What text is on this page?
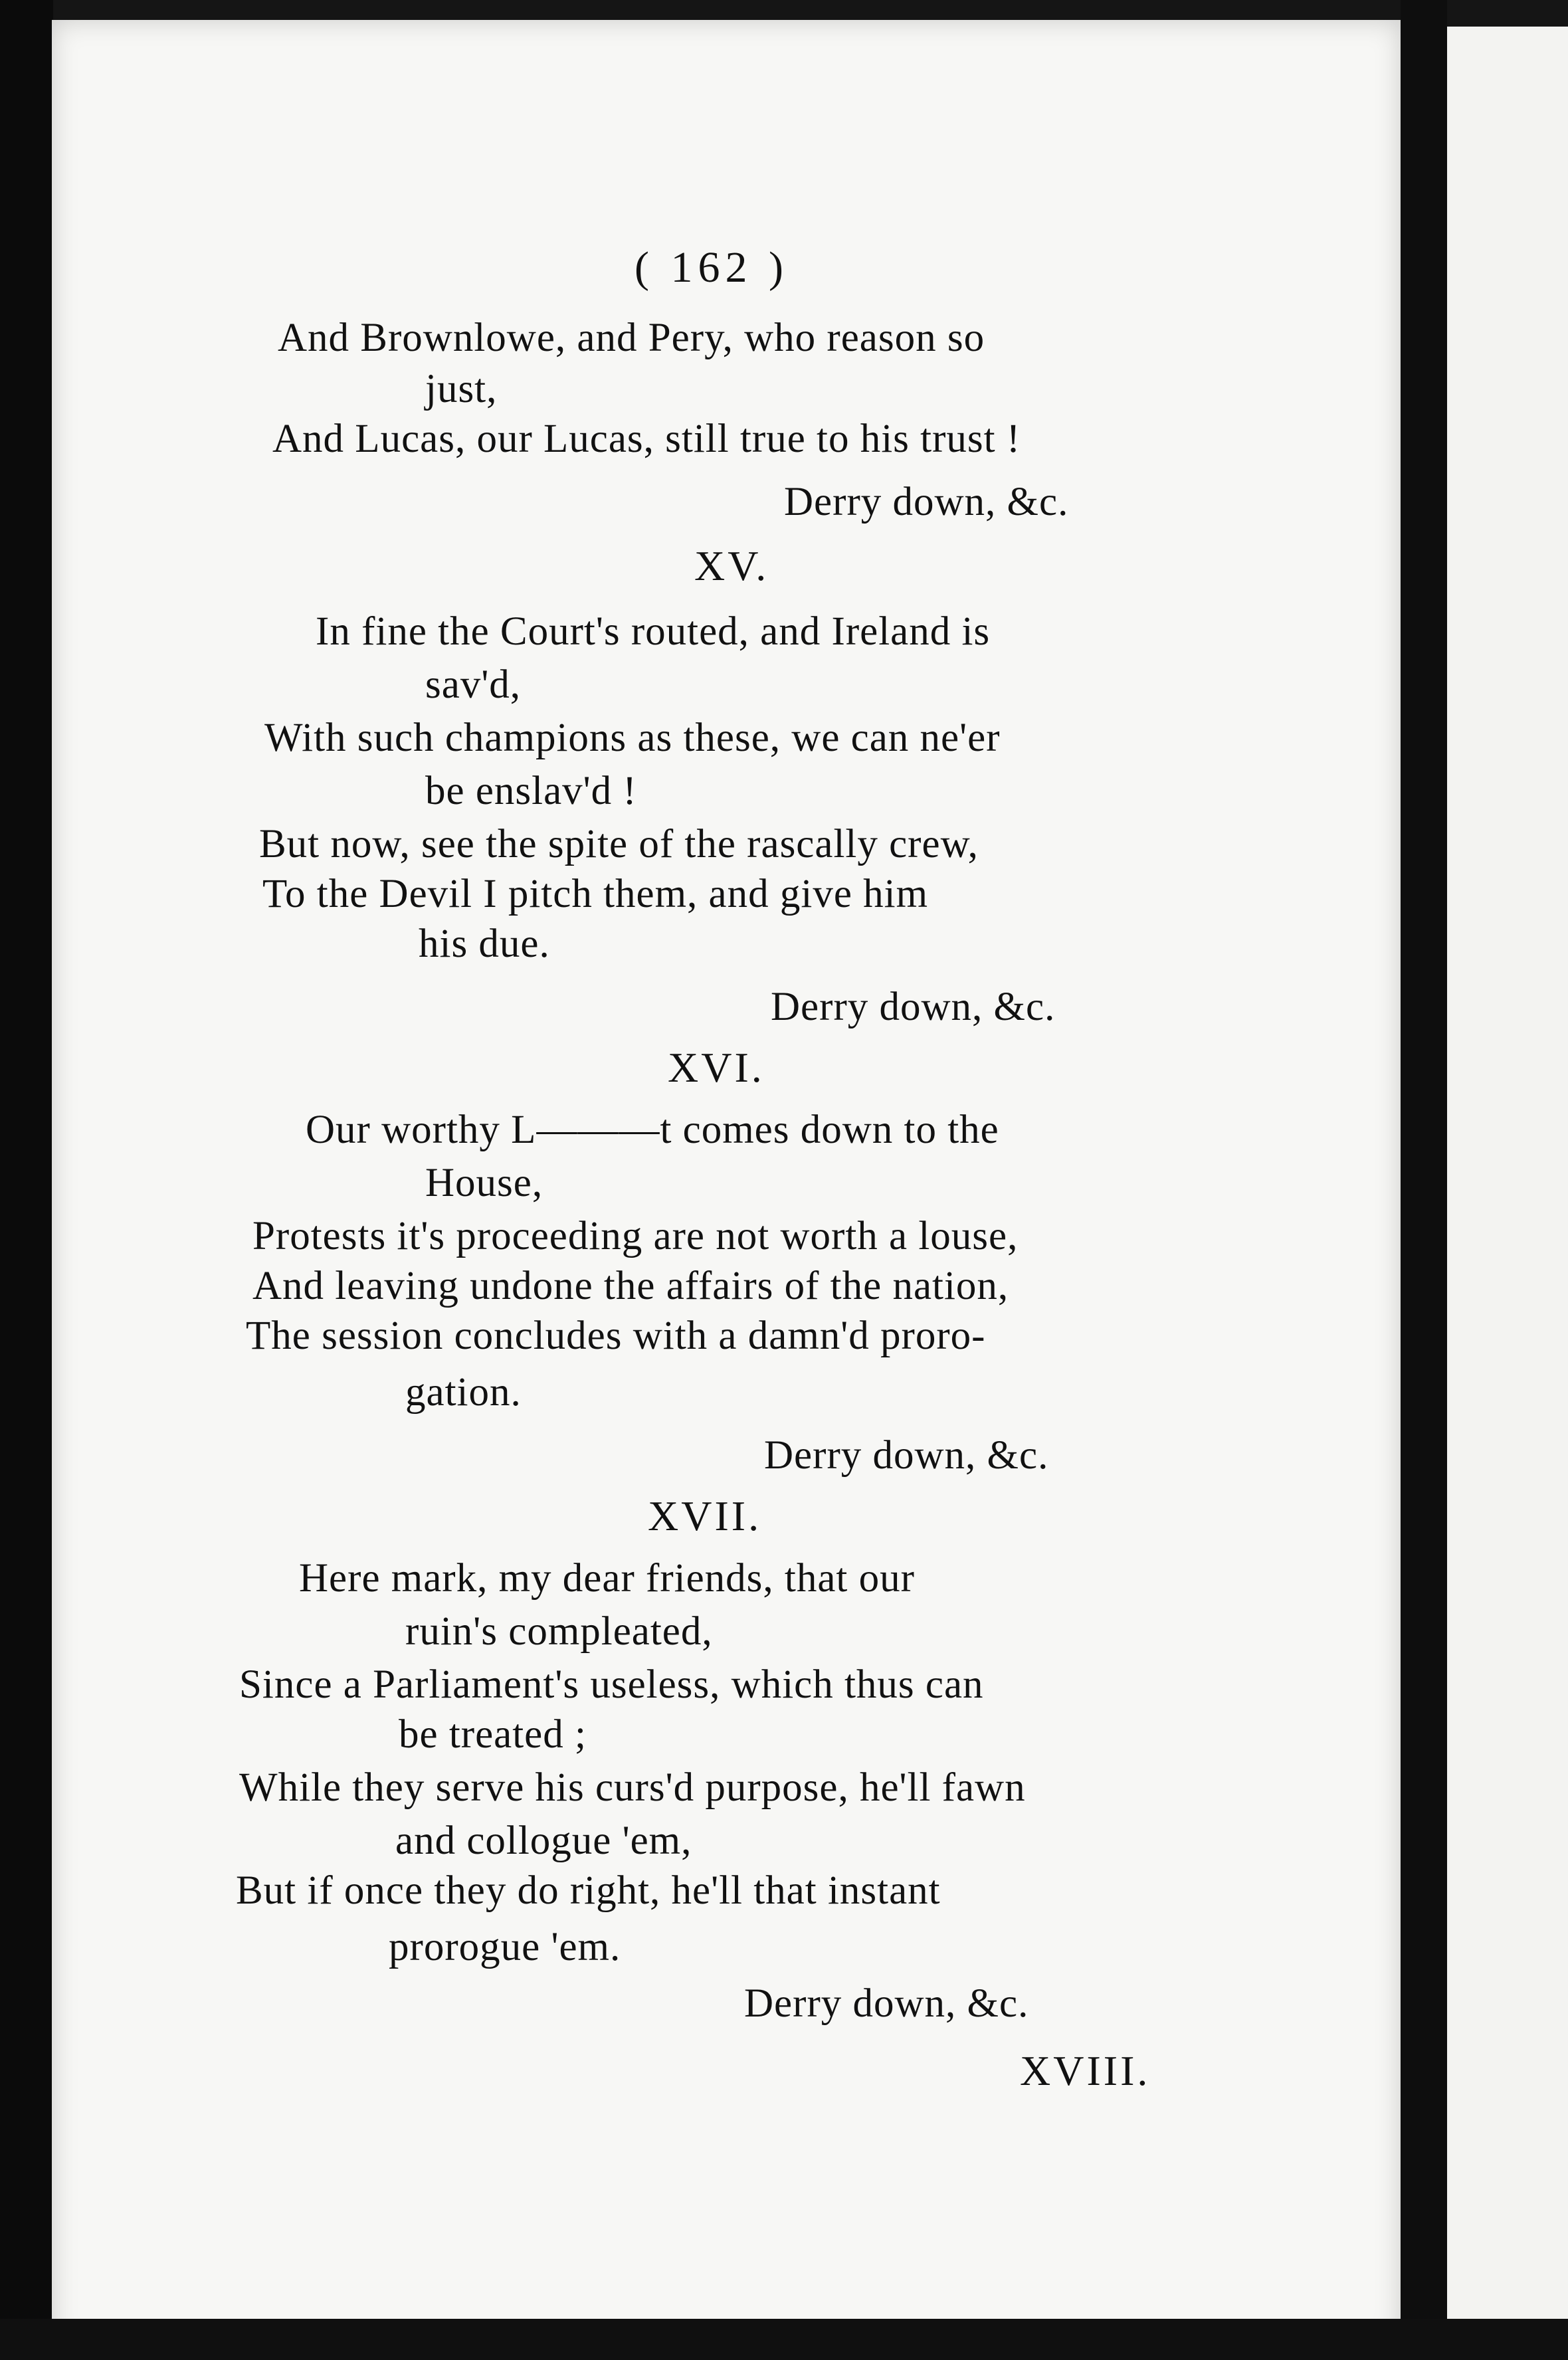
( 162 )
And Brownlowe, and Pery, who reason so
just,
And Lucas, our Lucas, still true to his trust !
Derry down, &c.
XV.
In fine the Court's routed, and Ireland is
sav'd,
With such champions as these, we can ne'er
be enslav'd !
But now, see the spite of the rascally crew,
To the Devil I pitch them, and give him
his due.
Derry down, &c.
XVI.
Our worthy L———t comes down to the
House,
Protests it's proceeding are not worth a louse,
And leaving undone the affairs of the nation,
The session concludes with a damn'd proro-
gation.
Derry down, &c.
XVII.
Here mark, my dear friends, that our
ruin's compleated,
Since a Parliament's useless, which thus can
be treated ;
While they serve his curs'd purpose, he'll fawn
and collogue 'em,
But if once they do right, he'll that instant
prorogue 'em.
Derry down, &c.
XVIII.
